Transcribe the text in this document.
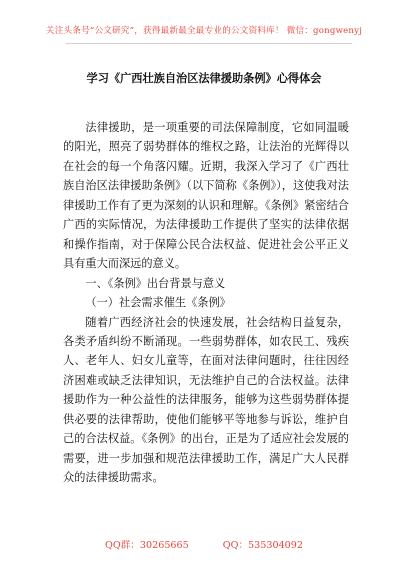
关注头条号“公文研究”，获得最新最全最专业的公文资料库！ 微信：gongwenyj
学习《广西壮族自治区法律援助条例》心得体会

法律援助，是一项重要的司法保障制度，它如同温暖的阳光，照亮了弱势群体的维权之路，让法治的光辉得以在社会的每一个角落闪耀。近期，我深入学习了《广西壮族自治区法律援助条例》（以下简称《条例》），这使我对法律援助工作有了更为深刻的认识和理解。《条例》紧密结合广西的实际情况，为法律援助工作提供了坚实的法律依据和操作指南，对于保障公民合法权益、促进社会公平正义具有重大而深远的意义。

一、《条例》出台背景与意义

（一）社会需求催生《条例》

随着广西经济社会的快速发展，社会结构日益复杂，各类矛盾纠纷不断涌现。一些弱势群体，如农民工、残疾人、老年人、妇女儿童等，在面对法律问题时，往往因经济困难或缺乏法律知识，无法维护自己的合法权益。法律援助作为一种公益性的法律服务，能够为这些弱势群体提供必要的法律帮助，使他们能够平等地参与诉讼，维护自己的合法权益。《条例》的出台，正是为了适应社会发展的需要，进一步加强和规范法律援助工作，满足广大人民群众的法律援助需求。

QQ群：30265665	QQ：535304092
